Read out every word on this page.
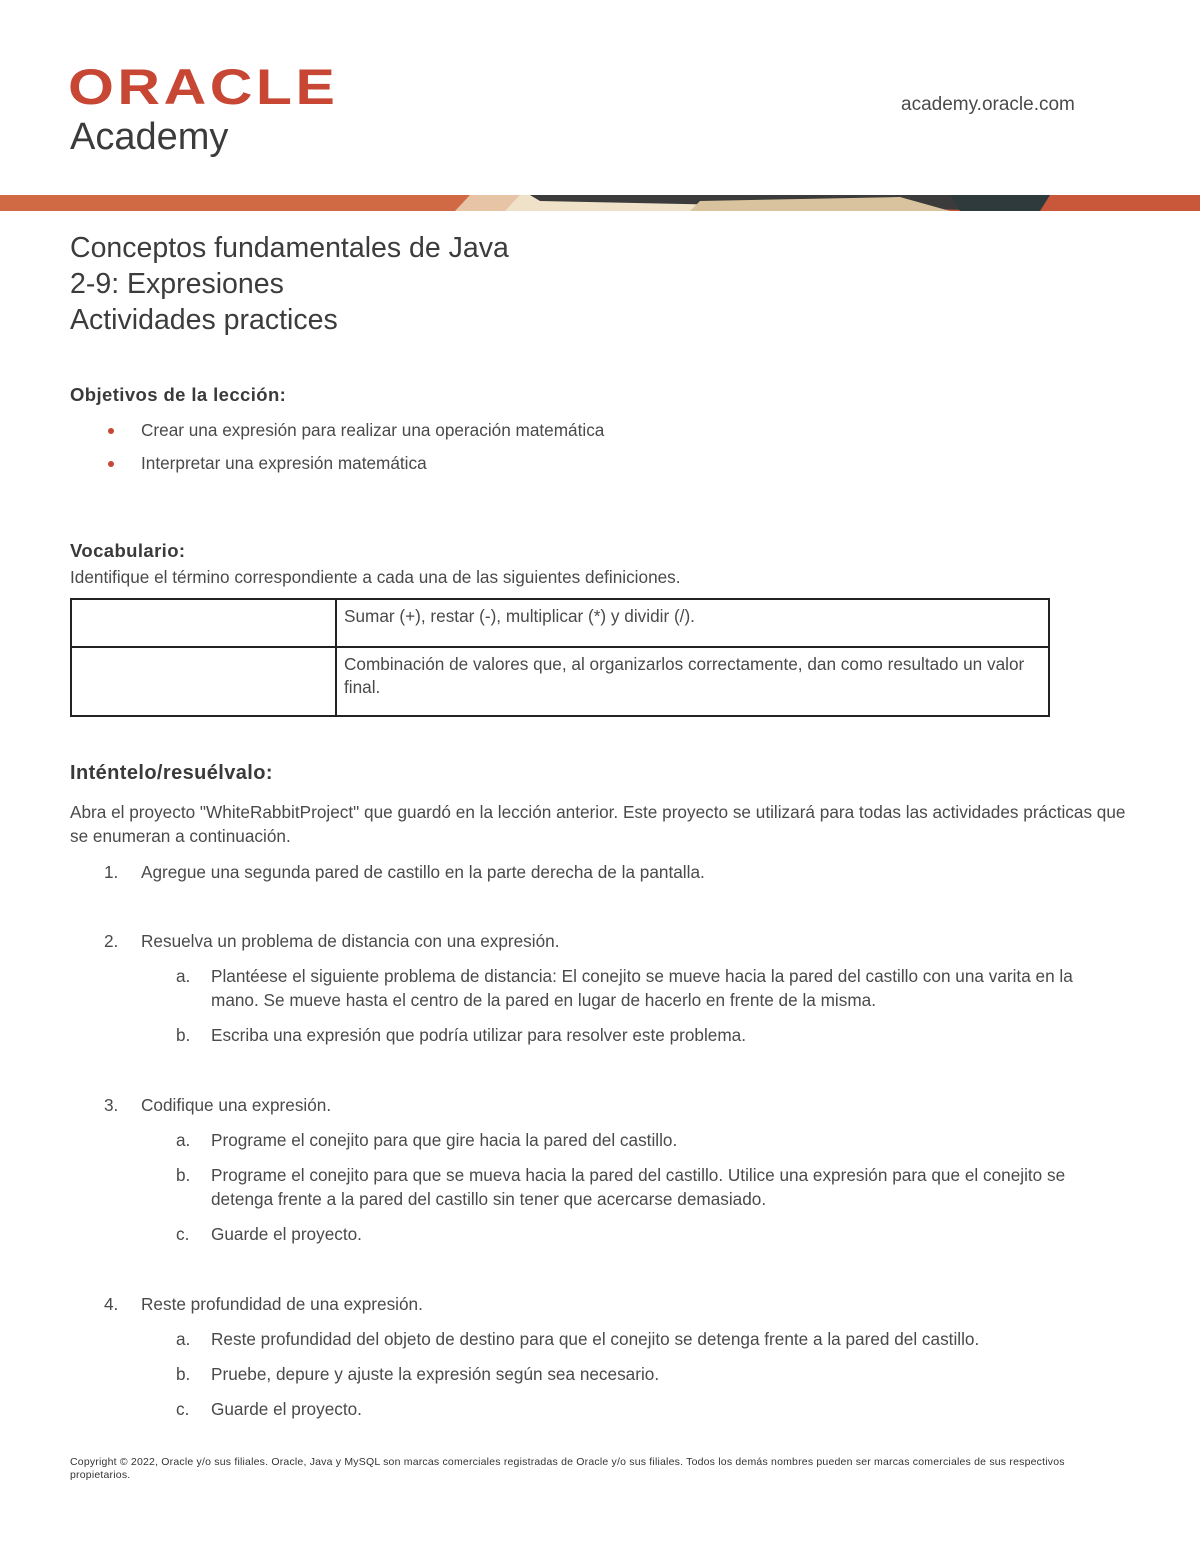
ORACLE
Academy
academy.oracle.com
Conceptos fundamentales de Java
2-9: Expresiones
Actividades practices
Objetivos de la lección:
Crear una expresión para realizar una operación matemática
Interpretar una expresión matemática
Vocabulario:
Identifique el término correspondiente a cada una de las siguientes definiciones.
	Sumar (+), restar (-), multiplicar (*) y dividir (/).
	Combinación de valores que, al organizarlos correctamente, dan como resultado un valor final.
Inténtelo/resuélvalo:
Abra el proyecto "WhiteRabbitProject" que guardó en la lección anterior. Este proyecto se utilizará para todas las actividades prácticas que se enumeran a continuación.
1. Agregue una segunda pared de castillo en la parte derecha de la pantalla.
2. Resuelva un problema de distancia con una expresión.
a. Plantéese el siguiente problema de distancia: El conejito se mueve hacia la pared del castillo con una varita en la mano. Se mueve hasta el centro de la pared en lugar de hacerlo en frente de la misma.
b. Escriba una expresión que podría utilizar para resolver este problema.
3. Codifique una expresión.
a. Programe el conejito para que gire hacia la pared del castillo.
b. Programe el conejito para que se mueva hacia la pared del castillo. Utilice una expresión para que el conejito se detenga frente a la pared del castillo sin tener que acercarse demasiado.
c. Guarde el proyecto.
4. Reste profundidad de una expresión.
a. Reste profundidad del objeto de destino para que el conejito se detenga frente a la pared del castillo.
b. Pruebe, depure y ajuste la expresión según sea necesario.
c. Guarde el proyecto.
Copyright © 2022, Oracle y/o sus filiales. Oracle, Java y MySQL son marcas comerciales registradas de Oracle y/o sus filiales. Todos los demás nombres pueden ser marcas comerciales de sus respectivos propietarios.
